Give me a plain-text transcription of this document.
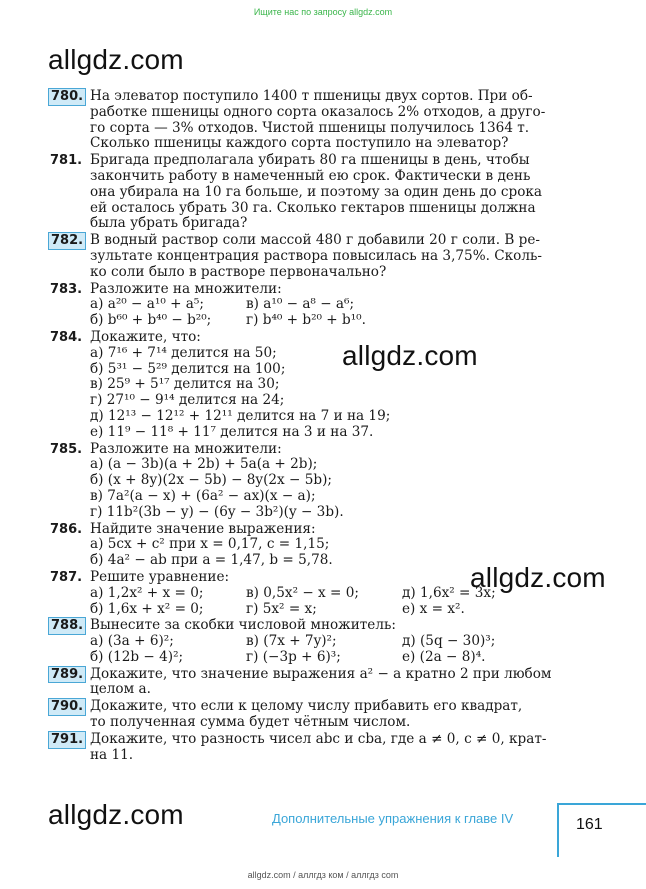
Ищите нас по запросу allgdz.com
allgdz.com
allgdz.com
allgdz.com
allgdz.com
780. На элеватор поступило 1400 т пшеницы двух сортов. При об-
работке пшеницы одного сорта оказалось 2% отходов, а друго-
го сорта — 3% отходов. Чистой пшеницы получилось 1364 т.
Сколько пшеницы каждого сорта поступило на элеватор?
781. Бригада предполагала убирать 80 га пшеницы в день, чтобы
закончить работу в намеченный ею срок. Фактически в день
она убирала на 10 га больше, и поэтому за один день до срока
ей осталось убрать 30 га. Сколько гектаров пшеницы должна
была убрать бригада?
782. В водный раствор соли массой 480 г добавили 20 г соли. В ре-
зультате концентрация раствора повысилась на 3,75%. Сколь-
ко соли было в растворе первоначально?
783. Разложите на множители:
а) a²⁰ − a¹⁰ + a⁵;	в) a¹⁰ − a⁸ − a⁶;
б) b⁶⁰ + b⁴⁰ − b²⁰;	г) b⁴⁰ + b²⁰ + b¹⁰.
784. Докажите, что:
а) 7¹⁶ + 7¹⁴ делится на 50;
б) 5³¹ − 5²⁹ делится на 100;
в) 25⁹ + 5¹⁷ делится на 30;
г) 27¹⁰ − 9¹⁴ делится на 24;
д) 12¹³ − 12¹² + 12¹¹ делится на 7 и на 19;
е) 11⁹ − 11⁸ + 11⁷ делится на 3 и на 37.
785. Разложите на множители:
а) (a − 3b)(a + 2b) + 5a(a + 2b);
б) (x + 8y)(2x − 5b) − 8y(2x − 5b);
в) 7a²(a − x) + (6a² − ax)(x − a);
г) 11b²(3b − y) − (6y − 3b²)(y − 3b).
786. Найдите значение выражения:
а) 5cx + c² при x = 0,17, c = 1,15;
б) 4a² − ab при a = 1,47, b = 5,78.
787. Решите уравнение:
а) 1,2x² + x = 0;	в) 0,5x² − x = 0;	д) 1,6x² = 3x;
б) 1,6x + x² = 0;	г) 5x² = x;	е) x = x².
788. Вынесите за скобки числовой множитель:
а) (3a + 6)²;	в) (7x + 7y)²;	д) (5q − 30)³;
б) (12b − 4)²;	г) (−3p + 6)³;	е) (2a − 8)⁴.
789. Докажите, что значение выражения a² − a кратно 2 при любом
целом a.
790. Докажите, что если к целому числу прибавить его квадрат,
то полученная сумма будет чётным числом.
791. Докажите, что разность чисел abc и cba, где a ≠ 0, c ≠ 0, крат-
на 11.
Дополнительные упражнения к главе IV	161
allgdz.com / аллгдз ком / аллгдз com
